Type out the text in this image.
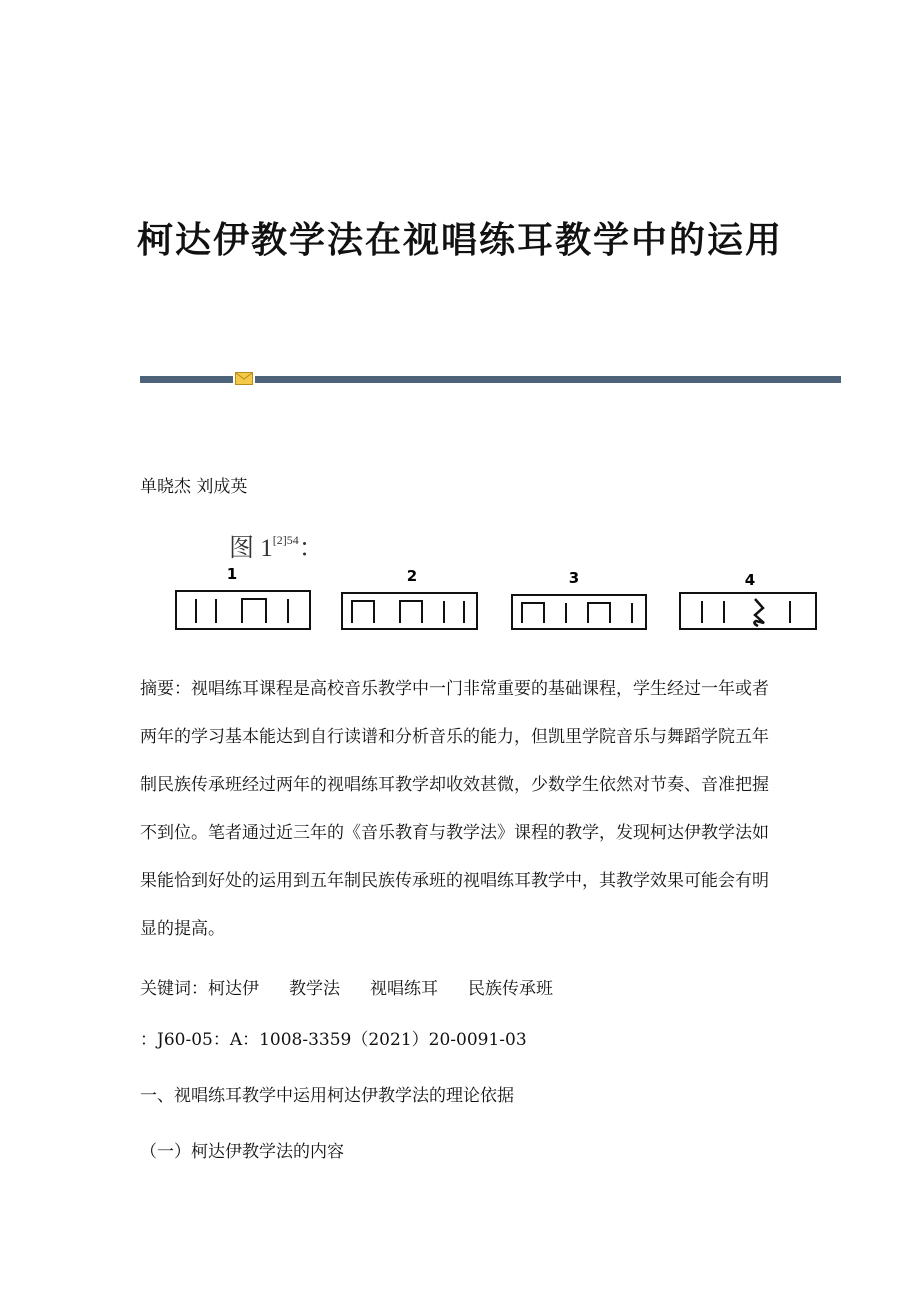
柯达伊教学法在视唱练耳教学中的运用
单晓杰 刘成英
图 $1^{[2]54}$：
1	2	3	4
摘要：视唱练耳课程是高校音乐教学中一门非常重要的基础课程，学生经过一年或者两年的学习基本能达到自行读谱和分析音乐的能力，但凯里学院音乐与舞蹈学院五年制民族传承班经过两年的视唱练耳教学却收效甚微，少数学生依然对节奏、音准把握不到位。笔者通过近三年的《音乐教育与教学法》课程的教学，发现柯达伊教学法如果能恰到好处的运用到五年制民族传承班的视唱练耳教学中，其教学效果可能会有明显的提高。
关键词：柯达伊 教学法 视唱练耳 民族传承班
：J60-05：A：1008-3359（2021）20-0091-03
一、视唱练耳教学中运用柯达伊教学法的理论依据
（一）柯达伊教学法的内容
